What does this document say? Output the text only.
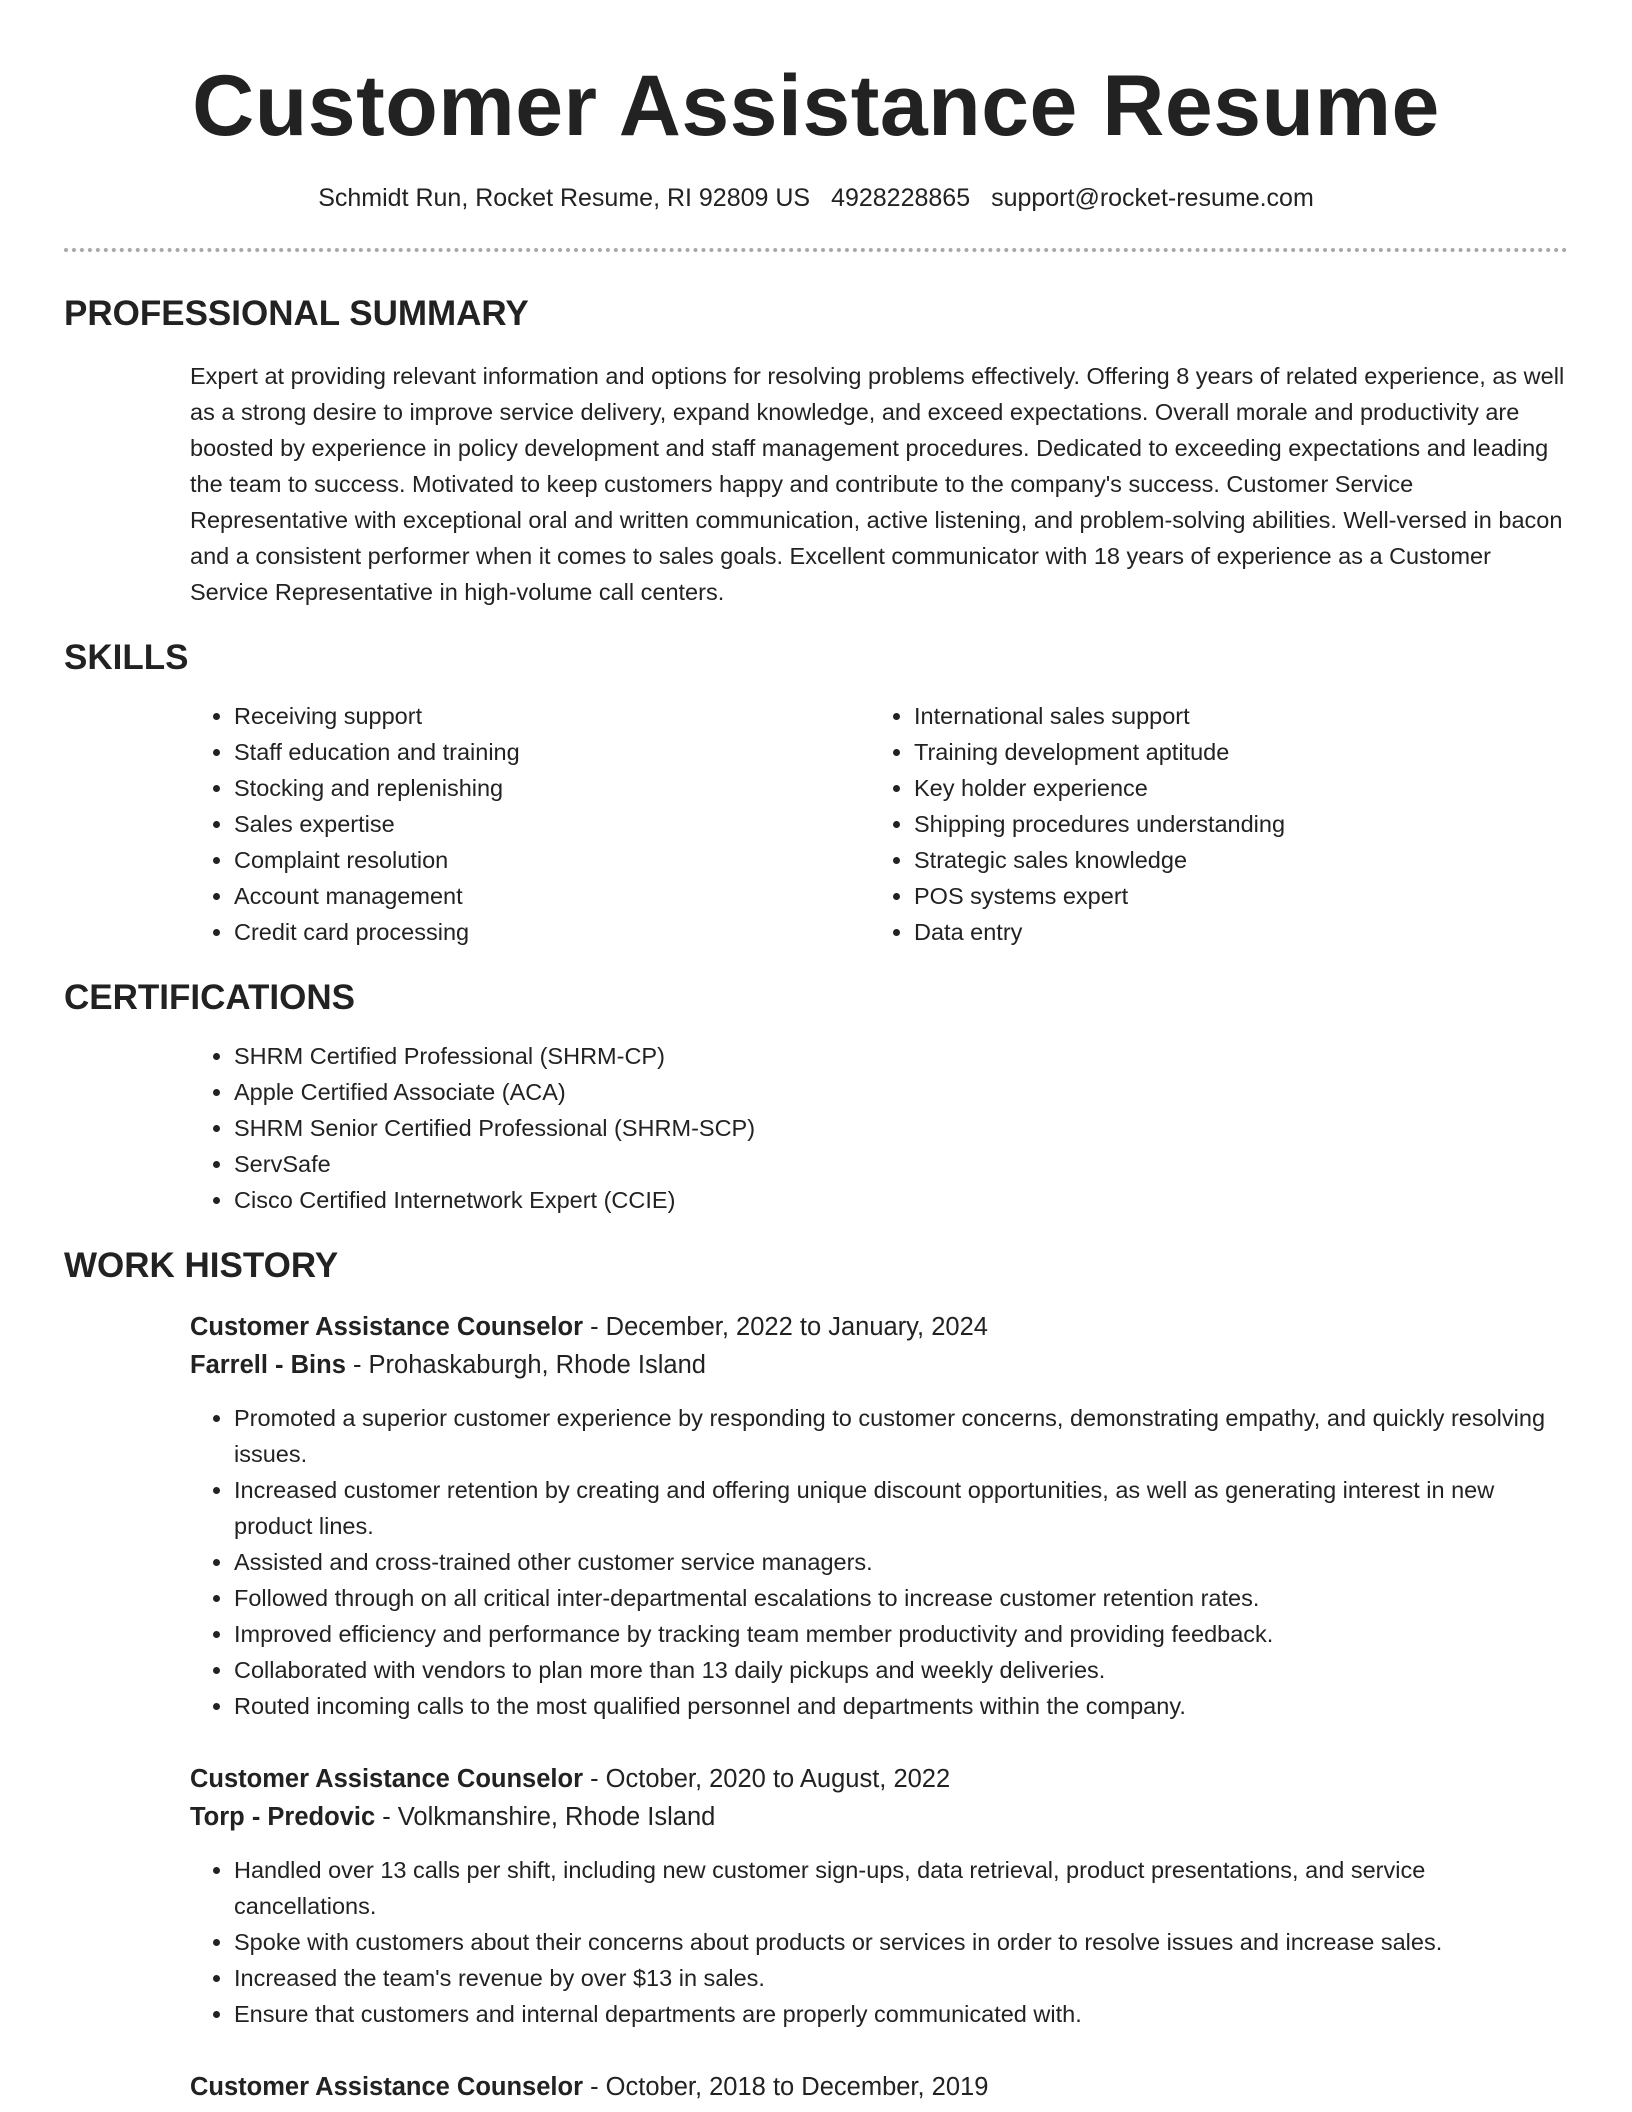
Customer Assistance Resume
Schmidt Run, Rocket Resume, RI 92809 US 4928228865 support@rocket-resume.com
PROFESSIONAL SUMMARY

Expert at providing relevant information and options for resolving problems effectively. Offering 8 years of related experience, as well as a strong desire to improve service delivery, expand knowledge, and exceed expectations. Overall morale and productivity are boosted by experience in policy development and staff management procedures. Dedicated to exceeding expectations and leading the team to success. Motivated to keep customers happy and contribute to the company's success. Customer Service Representative with exceptional oral and written communication, active listening, and problem-solving abilities. Well-versed in bacon and a consistent performer when it comes to sales goals. Excellent communicator with 18 years of experience as a Customer Service Representative in high-volume call centers.

SKILLS
• Receiving support
• Staff education and training
• Stocking and replenishing
• Sales expertise
• Complaint resolution
• Account management
• Credit card processing
• International sales support
• Training development aptitude
• Key holder experience
• Shipping procedures understanding
• Strategic sales knowledge
• POS systems expert
• Data entry
CERTIFICATIONS
• SHRM Certified Professional (SHRM-CP)
• Apple Certified Associate (ACA)
• SHRM Senior Certified Professional (SHRM-SCP)
• ServSafe
• Cisco Certified Internetwork Expert (CCIE)
WORK HISTORY
Customer Assistance Counselor - December, 2022 to January, 2024
Farrell - Bins - Prohaskaburgh, Rhode Island
• Promoted a superior customer experience by responding to customer concerns, demonstrating empathy, and quickly resolving issues.
• Increased customer retention by creating and offering unique discount opportunities, as well as generating interest in new product lines.
• Assisted and cross-trained other customer service managers.
• Followed through on all critical inter-departmental escalations to increase customer retention rates.
• Improved efficiency and performance by tracking team member productivity and providing feedback.
• Collaborated with vendors to plan more than 13 daily pickups and weekly deliveries.
• Routed incoming calls to the most qualified personnel and departments within the company.
Customer Assistance Counselor - October, 2020 to August, 2022
Torp - Predovic - Volkmanshire, Rhode Island
• Handled over 13 calls per shift, including new customer sign-ups, data retrieval, product presentations, and service cancellations.
• Spoke with customers about their concerns about products or services in order to resolve issues and increase sales.
• Increased the team's revenue by over $13 in sales.
• Ensure that customers and internal departments are properly communicated with.
Customer Assistance Counselor - October, 2018 to December, 2019
